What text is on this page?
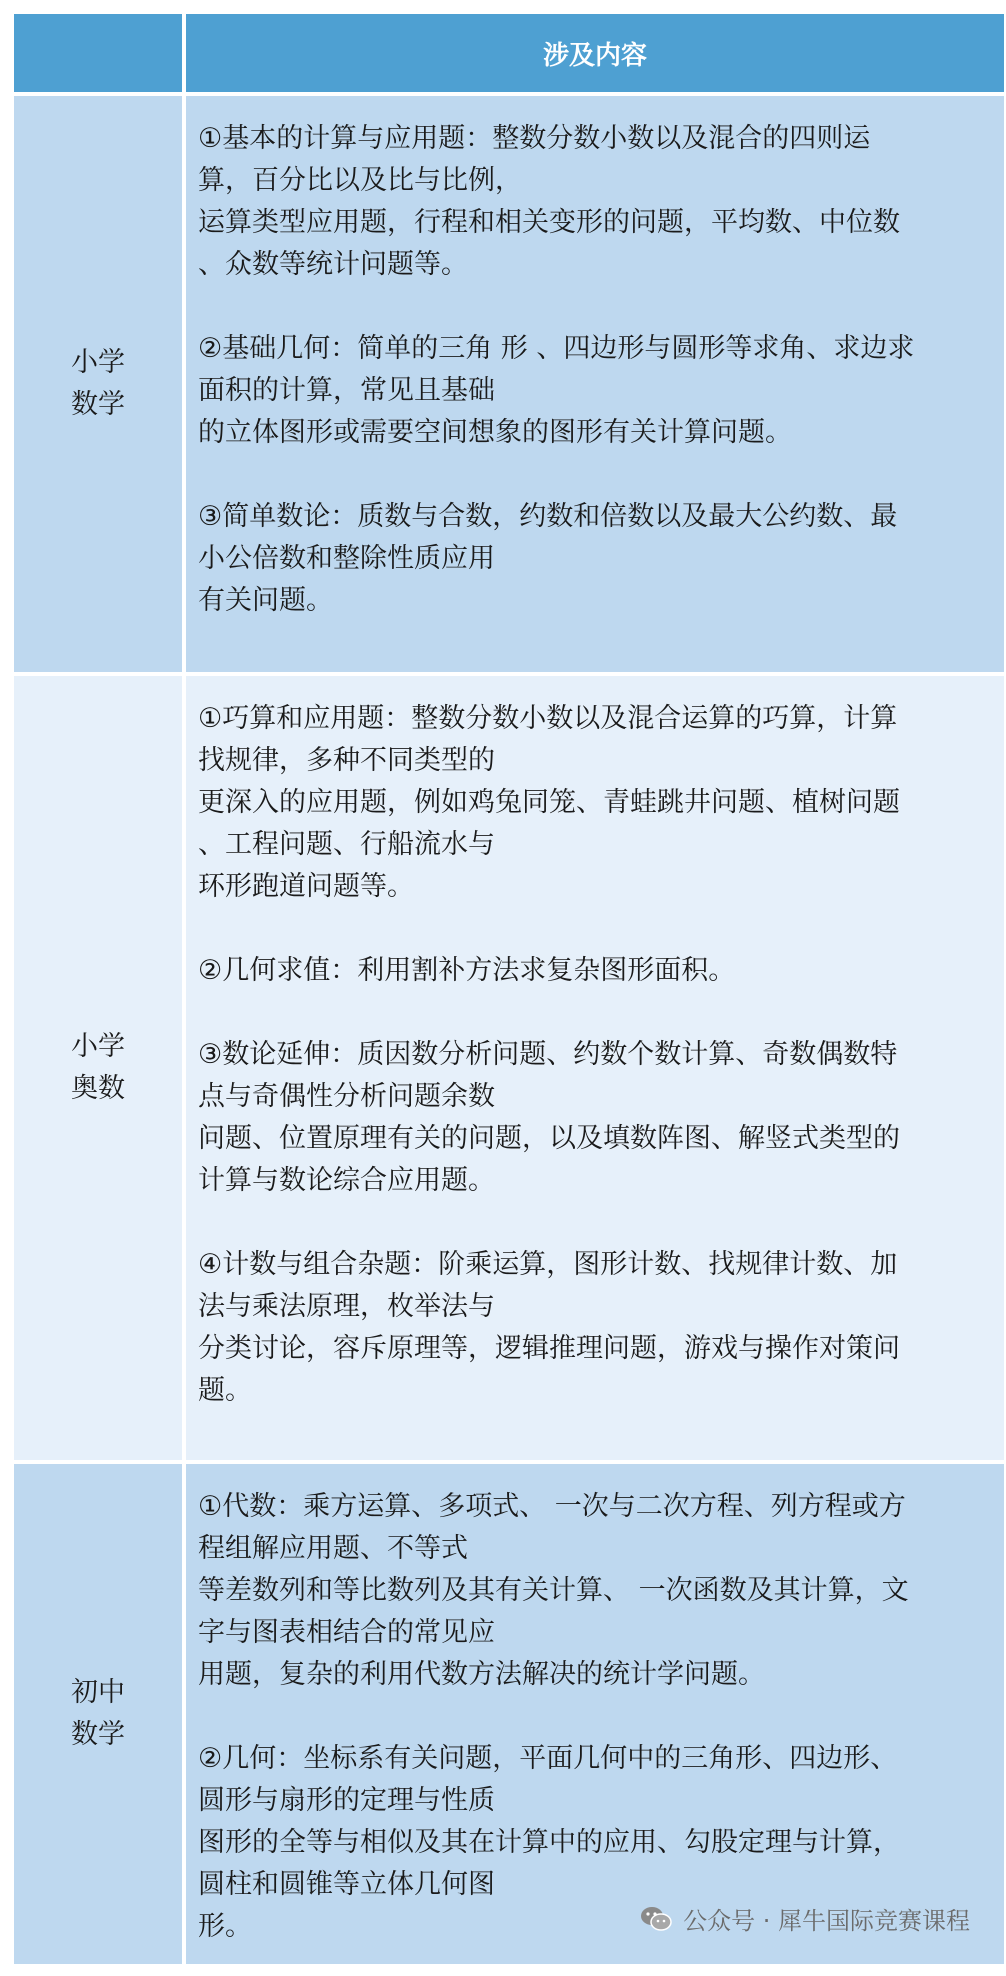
涉及内容
小学
数学
①基本的计算与应用题：整数分数小数以及混合的四则运
算，百分比以及比与比例，
运算类型应用题，行程和相关变形的问题，平均数、中位数
、众数等统计问题等。
②基础几何：简单的三角 形 、四边形与圆形等求角、求边求
面积的计算，常见且基础
的立体图形或需要空间想象的图形有关计算问题。
③简单数论：质数与合数，约数和倍数以及最大公约数、最
小公倍数和整除性质应用
有关问题。
小学
奥数
①巧算和应用题：整数分数小数以及混合运算的巧算，计算
找规律，多种不同类型的
更深入的应用题，例如鸡兔同笼、青蛙跳井问题、植树问题
、工程问题、行船流水与
环形跑道问题等。
②几何求值：利用割补方法求复杂图形面积。
③数论延伸：质因数分析问题、约数个数计算、奇数偶数特
点与奇偶性分析问题余数
问题、位置原理有关的问题，以及填数阵图、解竖式类型的
计算与数论综合应用题。
④计数与组合杂题：阶乘运算，图形计数、找规律计数、加
法与乘法原理，枚举法与
分类讨论，容斥原理等，逻辑推理问题，游戏与操作对策问
题。
初中
数学
①代数：乘方运算、多项式、 一次与二次方程、列方程或方
程组解应用题、不等式
等差数列和等比数列及其有关计算、 一次函数及其计算，文
字与图表相结合的常见应
用题，复杂的利用代数方法解决的统计学问题。
②几何：坐标系有关问题，平面几何中的三角形、四边形、
圆形与扇形的定理与性质
图形的全等与相似及其在计算中的应用、勾股定理与计算，
圆柱和圆锥等立体几何图
形。	公众号 · 犀牛国际竞赛课程
